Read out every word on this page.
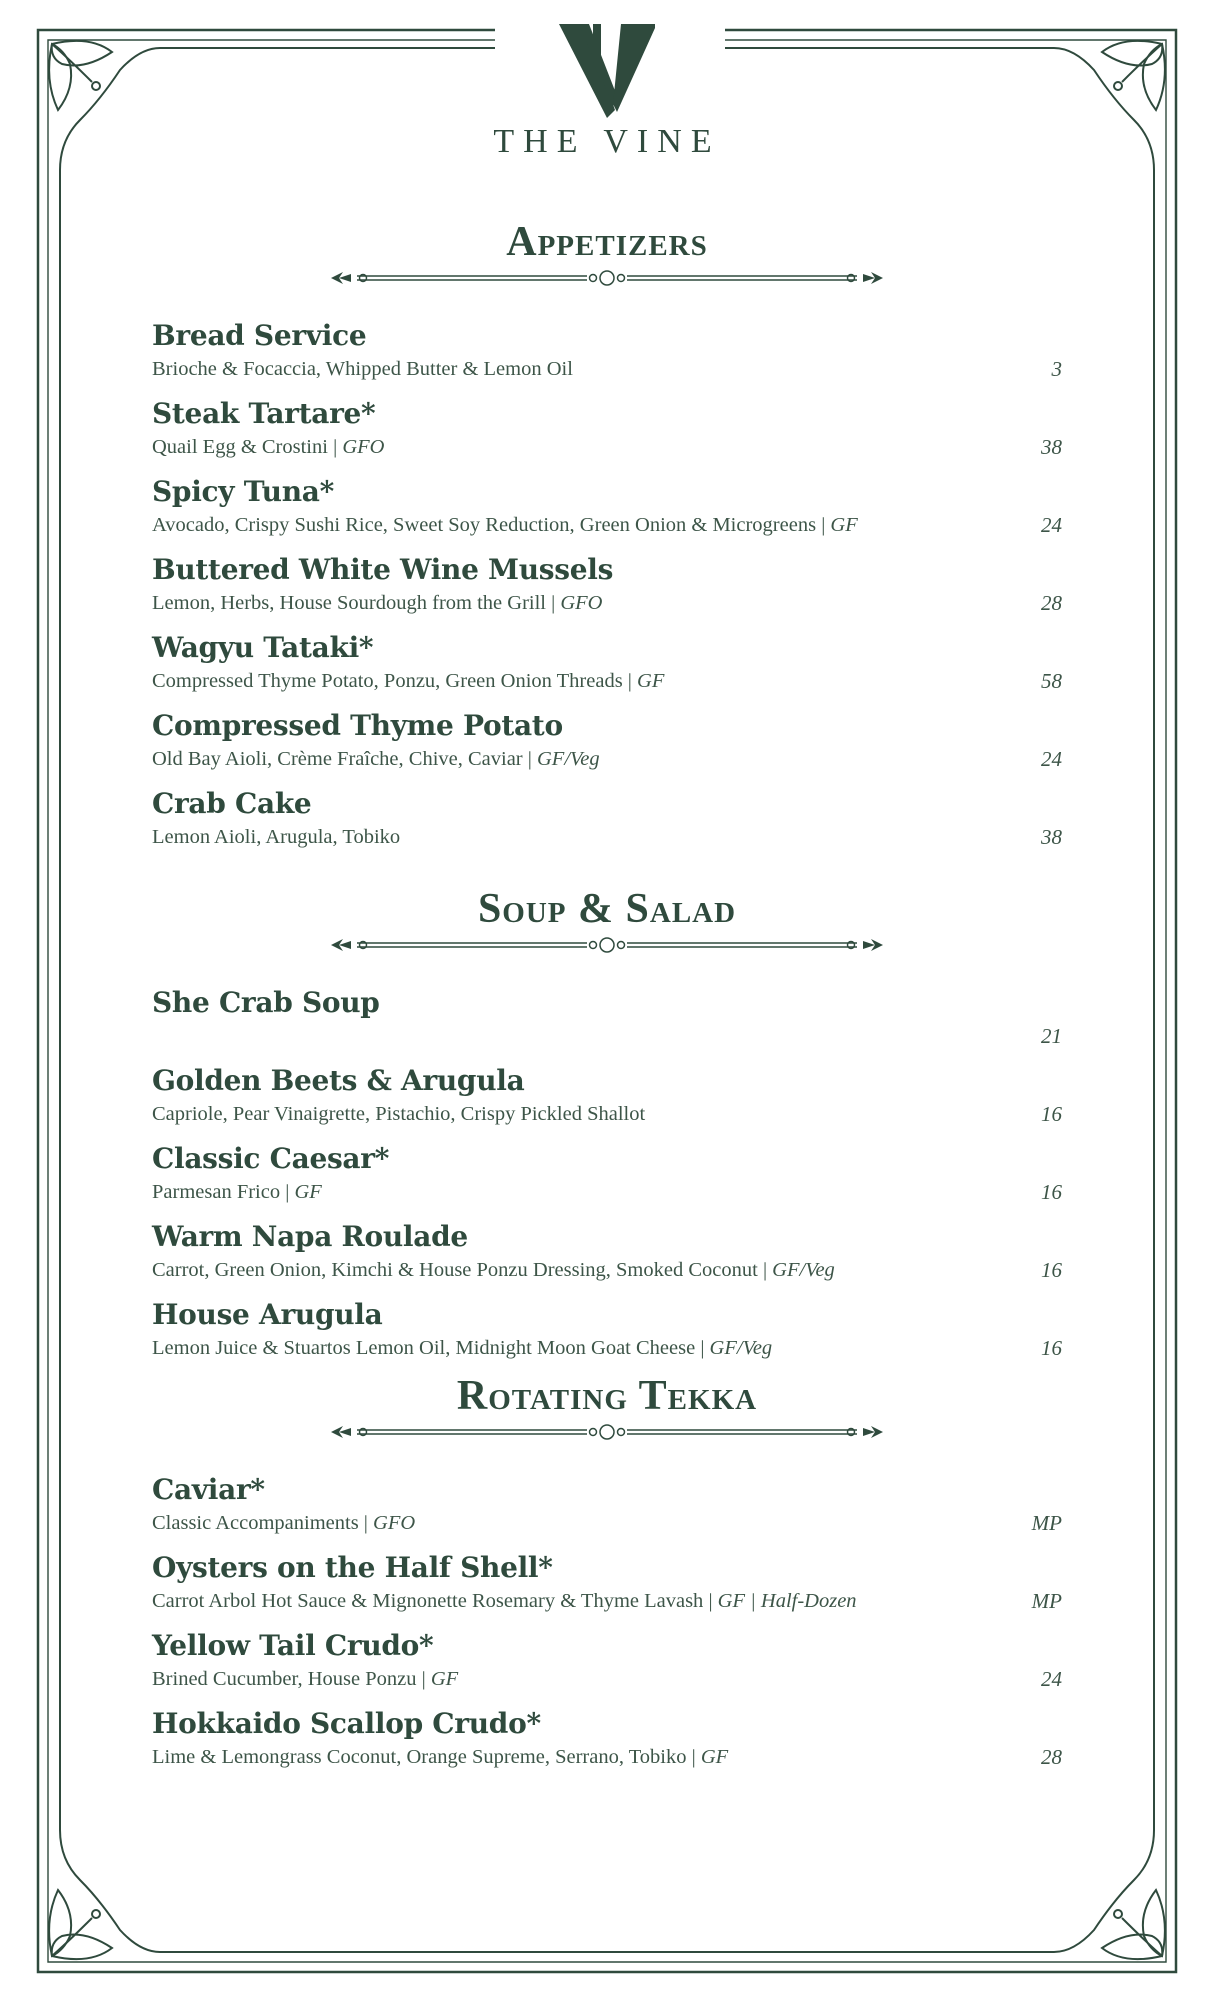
THE VINE
Appetizers
Bread Service
Brioche & Focaccia, Whipped Butter & Lemon Oil	3
Steak Tartare*
Quail Egg & Crostini | GFO	38
Spicy Tuna*
Avocado, Crispy Sushi Rice, Sweet Soy Reduction, Green Onion & Microgreens | GF	24
Buttered White Wine Mussels
Lemon, Herbs, House Sourdough from the Grill | GFO	28
Wagyu Tataki*
Compressed Thyme Potato, Ponzu, Green Onion Threads | GF	58
Compressed Thyme Potato
Old Bay Aioli, Crème Fraîche, Chive, Caviar | GF/Veg	24
Crab Cake
Lemon Aioli, Arugula, Tobiko	38
Soup & Salad
She Crab Soup
21
Golden Beets & Arugula
Capriole, Pear Vinaigrette, Pistachio, Crispy Pickled Shallot	16
Classic Caesar*
Parmesan Frico | GF	16
Warm Napa Roulade
Carrot, Green Onion, Kimchi & House Ponzu Dressing, Smoked Coconut | GF/Veg	16
House Arugula
Lemon Juice & Stuartos Lemon Oil, Midnight Moon Goat Cheese | GF/Veg	16
Rotating Tekka
Caviar*
Classic Accompaniments | GFO	MP
Oysters on the Half Shell*
Carrot Arbol Hot Sauce & Mignonette Rosemary & Thyme Lavash | GF | Half-Dozen	MP
Yellow Tail Crudo*
Brined Cucumber, House Ponzu | GF	24
Hokkaido Scallop Crudo*
Lime & Lemongrass Coconut, Orange Supreme, Serrano, Tobiko | GF	28
